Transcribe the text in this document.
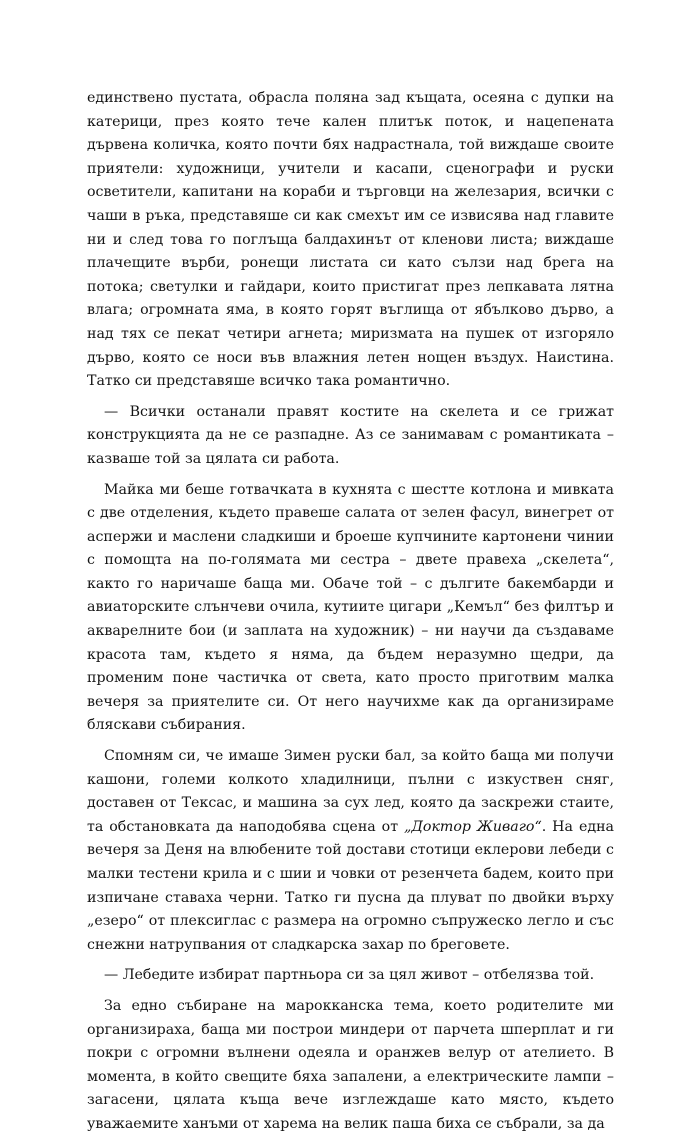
единствено пустата, обрасла поляна зад къщата, осеяна с дупки на катерици, през която тече кален плитък поток, и нацепената дървена количка, която почти бях надрастнала, той виждаше своите приятели: художници, учители и касапи, сценографи и руски осветители, капитани на кораби и търговци на железария, всички с чаши в ръка, представяше си как смехът им се извисява над главите ни и след това го поглъща балдахинът от кленови листа; виждаше плачещите върби, ронещи листата си като сълзи над брега на потока; светулки и гайдари, които пристигат през лепкавата лятна влага; огромната яма, в която горят въглища от ябълково дърво, а над тях се пекат четири агнета; миризмата на пушек от изгоряло дърво, която се носи във влажния летен нощен въздух. Наистина. Татко си представяше всичко така романтично.

— Всички останали правят костите на скелета и се грижат конструкцията да не се разпадне. Аз се занимавам с романтиката – казваше той за цялата си работа.

Майка ми беше готвачката в кухнята с шестте котлона и мивката с две отделения, където правеше салата от зелен фасул, винегрет от аспержи и маслени сладкиши и броеше купчините картонени чинии с помощта на по-голямата ми сестра – двете правеха „скелета“, както го наричаше баща ми. Обаче той – с дългите бакембарди и авиаторските слънчеви очила, кутиите цигари „Кемъл“ без филтър и акварелните бои (и заплата на художник) – ни научи да създаваме красота там, където я няма, да бъдем неразумно щедри, да променим поне частичка от света, като просто приготвим малка вечеря за приятелите си. От него научихме как да организираме бляскави събирания.

Спомням си, че имаше Зимен руски бал, за който баща ми получи кашони, големи колкото хладилници, пълни с изкуствен сняг, доставен от Тексас, и машина за сух лед, която да заскрежи стаите, та обстановката да наподобява сцена от „Доктор Живаго“. На една вечеря за Деня на влюбените той достави стотици еклерови лебеди с малки тестени крила и с шии и човки от резенчета бадем, които при изпичане ставаха черни. Татко ги пусна да плуват по двойки върху „езеро“ от плексиглас с размера на огромно съпружеско легло и със снежни натрупвания от сладкарска захар по бреговете.

— Лебедите избират партньора си за цял живот – отбелязва той.

За едно събиране на марокканска тема, което родителите ми организираха, баща ми построи миндери от парчета шперплат и ги покри с огромни вълнени одеяла и оранжев велур от ателието. В момента, в който свещите бяха запалени, а електрическите лампи – загасени, цялата къща вече изглеждаше като място, където уважаемите ханъми от харема на велик паша биха се събрали, за да
